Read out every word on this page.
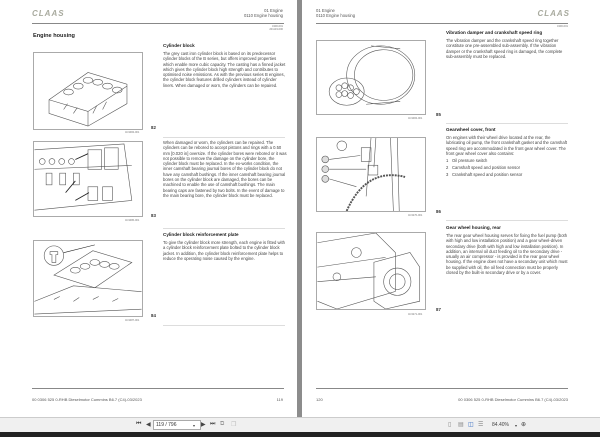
CLAAS	01 Engine
0110 Engine housing
4300-001
201133-000
Engine housing
4C3484-001
82
4C3486-001
83
4C3487-001
84
Cylinder block
The grey cast iron cylinder block is based on its predecessor cylinder blocks of the B series, but offers improved properties which enable more cubic capacity. The casting has a finned jacket which gives the cylinder block high strength and contributes to optimised noise emissions. As with the previous series B engines, the cylinder block features drilled cylinders instead of cylinder liners. When damaged or worn, the cylinders can be repaired.
When damaged or worn, the cylinders can be repaired. The cylinders can be rebored to accept pistons and rings with a 0.50 mm [0.020 in] oversize. If the cylinder bores were rebored or it was not possible to remove the damage on the cylinder bore, the cylinder block must be replaced. In the ex-works condition, the inner camshaft bearing journal bores of the cylinder block do not have any camshaft bushings. If the inner camshaft bearing journal bores on the cylinder block are damaged, the bores can be machined to enable the use of camshaft bushings. The main bearing caps are fastened by two bolts. In the event of damage to the main bearing bore, the cylinder block must be replaced.
Cylinder block reinforcement plate
To give the cylinder block more strength, each engine is fitted with a cylinder block reinforcement plate bolted to the cylinder block jacket. In addition, the cylinder block reinforcement plate helps to reduce the operating noise caused by the engine.
00 0306 525 0-RHB Dieselmotor Cummins B6.7 (C4)-03/2023	119
01 Engine
0110 Engine housing	CLAAS
4300-001
4C3484-001
85
4C3270-001
86
4C3271-001
87
Vibration damper and crankshaft speed ring
The vibration damper and the crankshaft speed ring together constitute one pre-assembled sub-assembly. If the vibration damper or the crankshaft speed ring is damaged, the complete sub-assembly must be replaced.
Gearwheel cover, front
On engines with their wheel drive located at the rear, the lubricating oil pump, the front crankshaft gasket and the camshaft speed ring are accommodated in the front gear wheel cover. The front gear wheel cover also contains:
1 Oil pressure switch
2 Camshaft speed and position sensor
3 Crankshaft speed and position sensor
Gear wheel housing, rear
The rear gear wheel housing serves for fixing the fuel pump (both with high and low installation position) and a gear wheel-driven secondary drive (both with high and low installation position). In addition, an internal oil duct feeding oil to the secondary drive - usually an air compressor - is provided in the rear gear wheel housing. If the engine does not have a secondary unit which must be supplied with oil, the oil feed connection must be properly closed by the built-in secondary drive or by a cover.
120	00 0306 525 0-RHB Dieselmotor Cummins B6.7 (C4)-03/2023
⏮ ◀
119 / 796	▾ ▶ ⏭ ⧉ ❐	▯ ▤ ◫ ☰ 84.40% ▾ ⊕
